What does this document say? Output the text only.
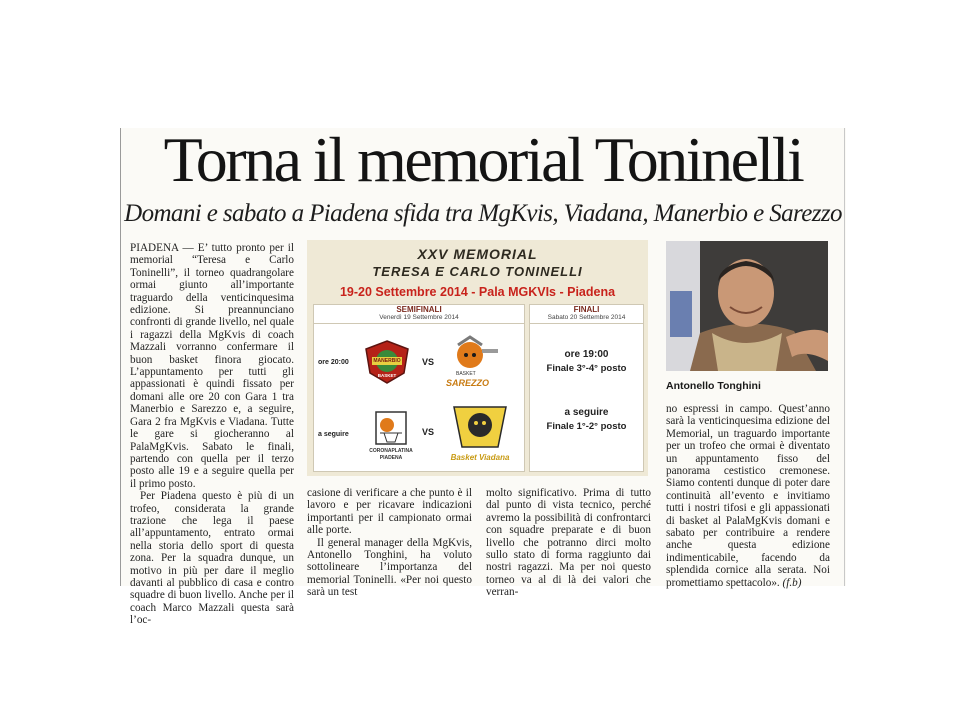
Torna il memorial Toninelli
Domani e sabato a Piadena sfida tra MgKvis, Viadana, Manerbio e Sarezzo

PIADENA — E’ tutto pronto per il memorial “Teresa e Carlo Toninelli”, il torneo quadrangolare ormai giunto all’importante traguardo della venticinquesima edizione. Si preannunciano confronti di grande livello, nel quale i ragazzi della MgKvis di coach Mazzali vorranno confermare il buon basket finora giocato. L’appuntamento per tutti gli appassionati è quindi fissato per domani alle ore 20 con Gara 1 tra Manerbio e Sarezzo e, a seguire, Gara 2 fra MgKvis e Viadana. Tutte le gare si giocheranno al PalaMgKvis. Sabato le finali, partendo con quella per il terzo posto alle 19 e a seguire quella per il primo posto.

Per Piadena questo è più di un trofeo, considerata la grande trazione che lega il paese all’appuntamento, entrato ormai nella storia dello sport di questa zona. Per la squadra dunque, un motivo in più per dare il meglio davanti al pubblico di casa e contro squadre di buon livello. Anche per il coach Marco Mazzali questa sarà l’oc-

XXV MEMORIAL
TERESA E CARLO TONINELLI
19-20 Settembre 2014 - Pala MGKVIs - Piadena
SEMIFINALI
Venerdì 19 Settembre 2014
ore 20:00	MANERBIO
BASKET
VS
BASKET
SAREZZO
a seguire
CORONAPLATINA
PIADENA
VS
Basket Viadana
FINALI
Sabato 20 Settembre 2014
ore 19:00
Finale 3°-4° posto
a seguire
Finale 1°-2° posto
Antonello Tonghini

casione di verificare a che punto è il lavoro e per ricavare indicazioni importanti per il campionato ormai alle porte.

Il general manager della MgKvis, Antonello Tonghini, ha voluto sottolineare l’importanza del memorial Toninelli. «Per noi questo sarà un test

molto significativo. Prima di tutto dal punto di vista tecnico, perché avremo la possibilità di confrontarci con squadre preparate e di buon livello che potranno dirci molto sullo stato di forma raggiunto dai nostri ragazzi. Ma per noi questo torneo va al di là dei valori che verran-

no espressi in campo. Quest’anno sarà la venticinquesima edizione del Memorial, un traguardo importante per un trofeo che ormai è diventato un appuntamento fisso del panorama cestistico cremonese. Siamo contenti dunque di poter dare continuità all’evento e invitiamo tutti i nostri tifosi e gli appassionati di basket al PalaMgKvis domani e sabato per contribuire a rendere anche questa edizione indimenticabile, facendo da splendida cornice alla serata. Noi promettiamo spettacolo». (f.b)
